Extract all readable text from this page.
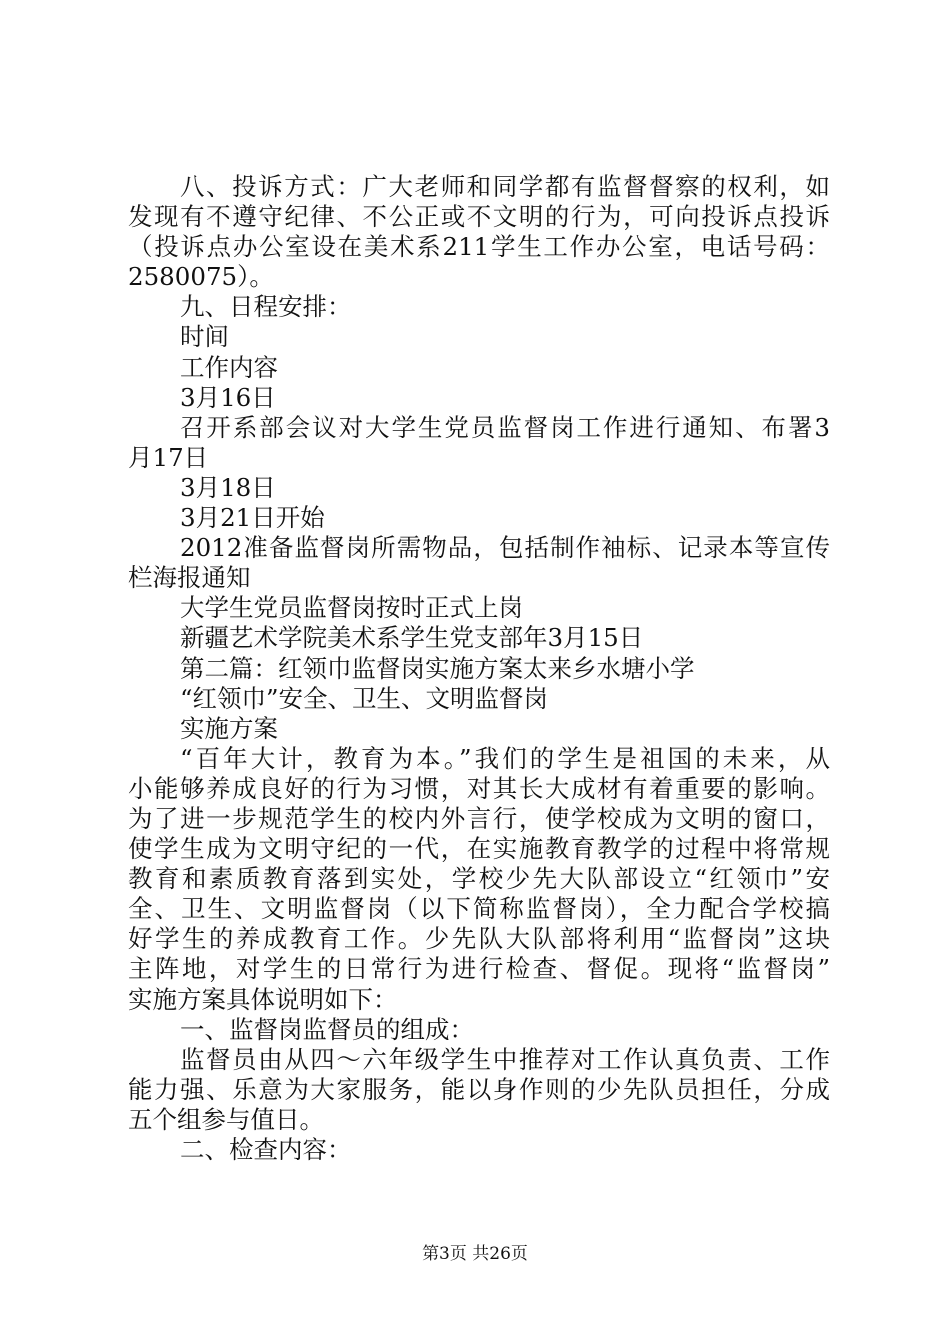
八、投诉方式：广大老师和同学都有监督督察的权利，如
发现有不遵守纪律、不公正或不文明的行为，可向投诉点投诉
（投诉点办公室设在美术系211学生工作办公室，电话号码：
2580075）。
九、日程安排：
时间
工作内容
3月16日
召开系部会议对大学生党员监督岗工作进行通知、布署3
月17日
3月18日
3月21日开始
2012准备监督岗所需物品，包括制作袖标、记录本等宣传
栏海报通知
大学生党员监督岗按时正式上岗
新疆艺术学院美术系学生党支部年3月15日
第二篇：红领巾监督岗实施方案太来乡水塘小学
“红领巾”安全、卫生、文明监督岗
实施方案
“百年大计，教育为本。”我们的学生是祖国的未来，从
小能够养成良好的行为习惯，对其长大成材有着重要的影响。
为了进一步规范学生的校内外言行，使学校成为文明的窗口，
使学生成为文明守纪的一代，在实施教育教学的过程中将常规
教育和素质教育落到实处，学校少先大队部设立“红领巾”安
全、卫生、文明监督岗（以下简称监督岗），全力配合学校搞
好学生的养成教育工作。少先队大队部将利用“监督岗”这块
主阵地，对学生的日常行为进行检查、督促。现将“监督岗”
实施方案具体说明如下：
一、监督岗监督员的组成：
监督员由从四～六年级学生中推荐对工作认真负责、工作
能力强、乐意为大家服务，能以身作则的少先队员担任，分成
五个组参与值日。
二、检查内容：
第3页 共26页
